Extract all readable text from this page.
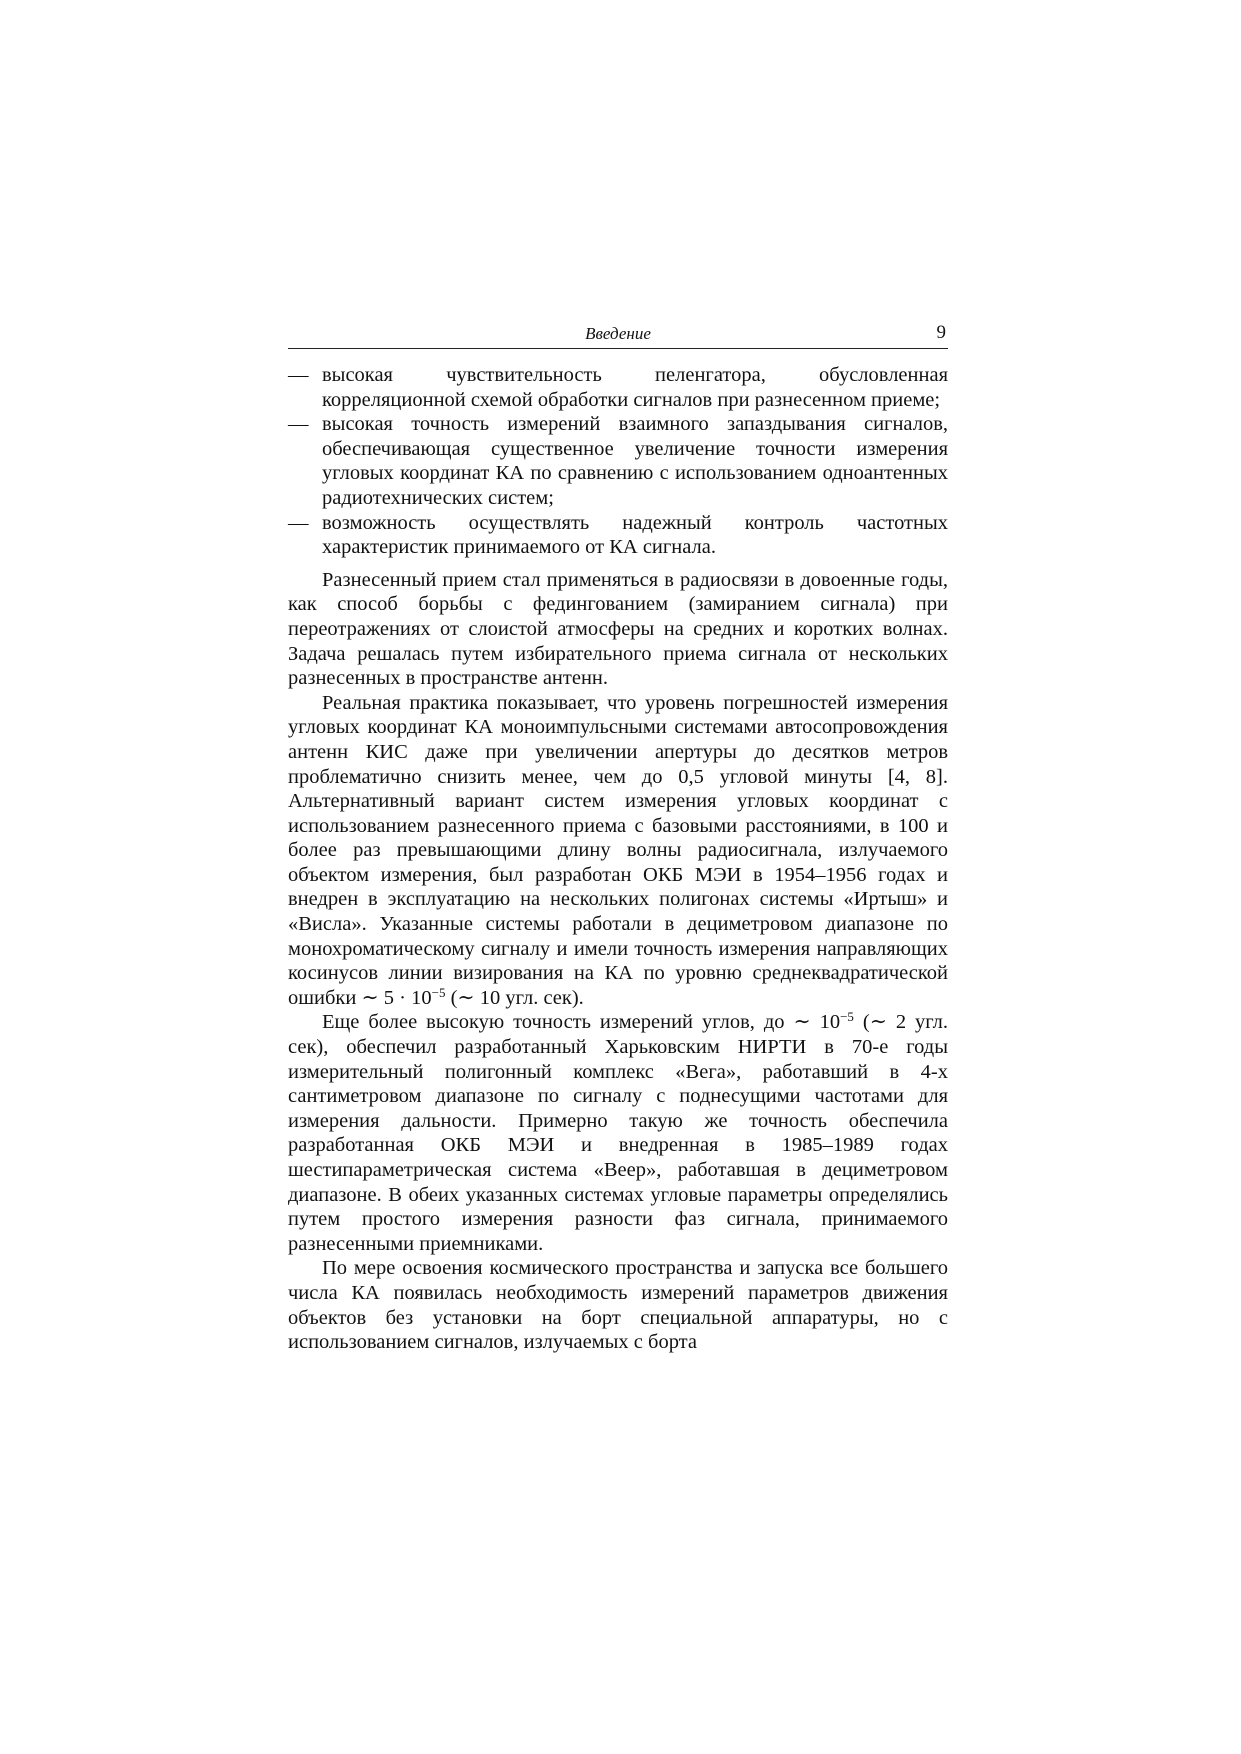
Введение	9

— высокая чувствительность пеленгатора, обусловленная корреляционной схемой обработки сигналов при разнесенном приеме;

— высокая точность измерений взаимного запаздывания сигналов, обеспечивающая существенное увеличение точности измерения угловых координат КА по сравнению с использованием одноантенных радиотехнических систем;

— возможность осуществлять надежный контроль частотных характеристик принимаемого от КА сигнала.

Разнесенный прием стал применяться в радиосвязи в довоенные годы, как способ борьбы с федингованием (замиранием сигнала) при переотражениях от слоистой атмосферы на средних и коротких волнах. Задача решалась путем избирательного приема сигнала от нескольких разнесенных в пространстве антенн.

Реальная практика показывает, что уровень погрешностей измерения угловых координат КА моноимпульсными системами автосопровождения антенн КИС даже при увеличении апертуры до десятков метров проблематично снизить менее, чем до 0,5 угловой минуты [4, 8]. Альтернативный вариант систем измерения угловых координат с использованием разнесенного приема с базовыми расстояниями, в 100 и более раз превышающими длину волны радиосигнала, излучаемого объектом измерения, был разработан ОКБ МЭИ в 1954–1956 годах и внедрен в эксплуатацию на нескольких полигонах системы «Иртыш» и «Висла». Указанные системы работали в дециметровом диапазоне по монохроматическому сигналу и имели точность измерения направляющих косинусов линии визирования на КА по уровню среднеквадратической ошибки ∼ $5 \cdot 10^{-5}$ (∼ 10 угл. сек).

Еще более высокую точность измерений углов, до ∼ $10^{-5}$ (∼ 2 угл. сек), обеспечил разработанный Харьковским НИРТИ в 70-е годы измерительный полигонный комплекс «Вега», работавший в 4-х сантиметровом диапазоне по сигналу с поднесущими частотами для измерения дальности. Примерно такую же точность обеспечила разработанная ОКБ МЭИ и внедренная в 1985–1989 годах шестипараметрическая система «Веер», работавшая в дециметровом диапазоне. В обеих указанных системах угловые параметры определялись путем простого измерения разности фаз сигнала, принимаемого разнесенными приемниками.

По мере освоения космического пространства и запуска все большего числа КА появилась необходимость измерений параметров движения объектов без установки на борт специальной аппаратуры, но с использованием сигналов, излучаемых с борта
